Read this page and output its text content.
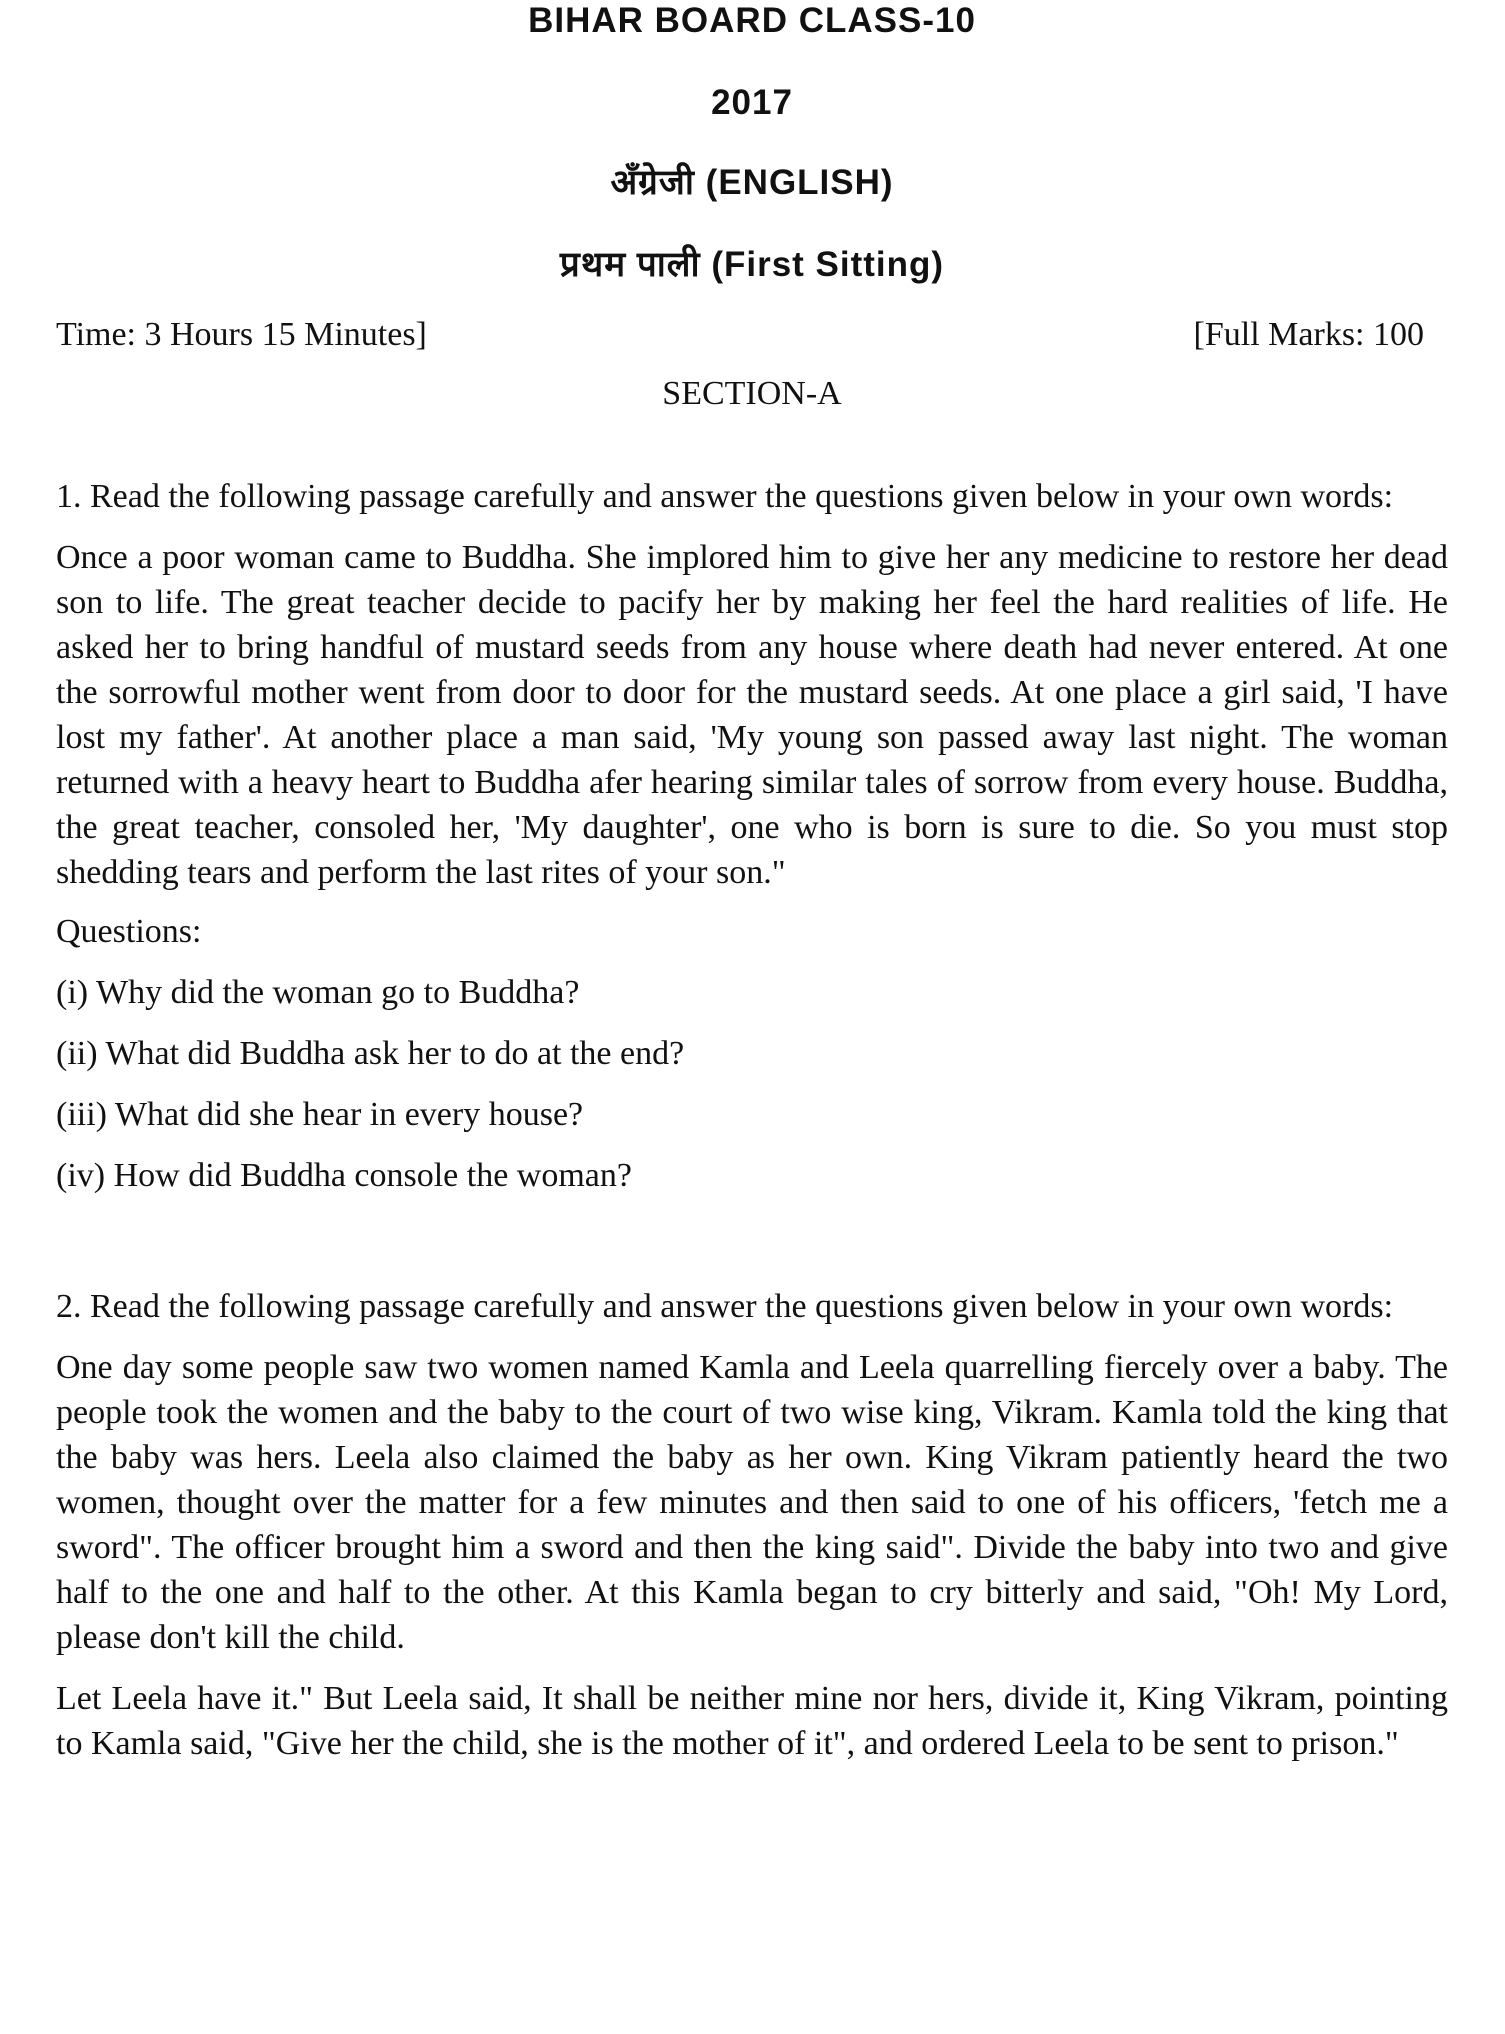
BIHAR BOARD CLASS-10
2017
अँग्रेजी (ENGLISH)
प्रथम पाली (First Sitting)
Time: 3 Hours 15 Minutes]	[Full Marks: 100
SECTION-A
1. Read the following passage carefully and answer the questions given below in your own words:
Once a poor woman came to Buddha. She implored him to give her any medicine to restore her dead son to life. The great teacher decide to pacify her by making her feel the hard realities of life. He asked her to bring handful of mustard seeds from any house where death had never entered. At one the sorrowful mother went from door to door for the mustard seeds. At one place a girl said, 'I have lost my father'. At another place a man said, 'My young son passed away last night. The woman returned with a heavy heart to Buddha afer hearing similar tales of sorrow from every house. Buddha, the great teacher, consoled her, 'My daughter', one who is born is sure to die. So you must stop shedding tears and perform the last rites of your son."
Questions:
(i) Why did the woman go to Buddha?
(ii) What did Buddha ask her to do at the end?
(iii) What did she hear in every house?
(iv) How did Buddha console the woman?
2. Read the following passage carefully and answer the questions given below in your own words:
One day some people saw two women named Kamla and Leela quarrelling fiercely over a baby. The people took the women and the baby to the court of two wise king, Vikram. Kamla told the king that the baby was hers. Leela also claimed the baby as her own. King Vikram patiently heard the two women, thought over the matter for a few minutes and then said to one of his officers, 'fetch me a sword". The officer brought him a sword and then the king said". Divide the baby into two and give half to the one and half to the other. At this Kamla began to cry bitterly and said, "Oh! My Lord, please don't kill the child.
Let Leela have it." But Leela said, It shall be neither mine nor hers, divide it, King Vikram, pointing to Kamla said, "Give her the child, she is the mother of it", and ordered Leela to be sent to prison."
